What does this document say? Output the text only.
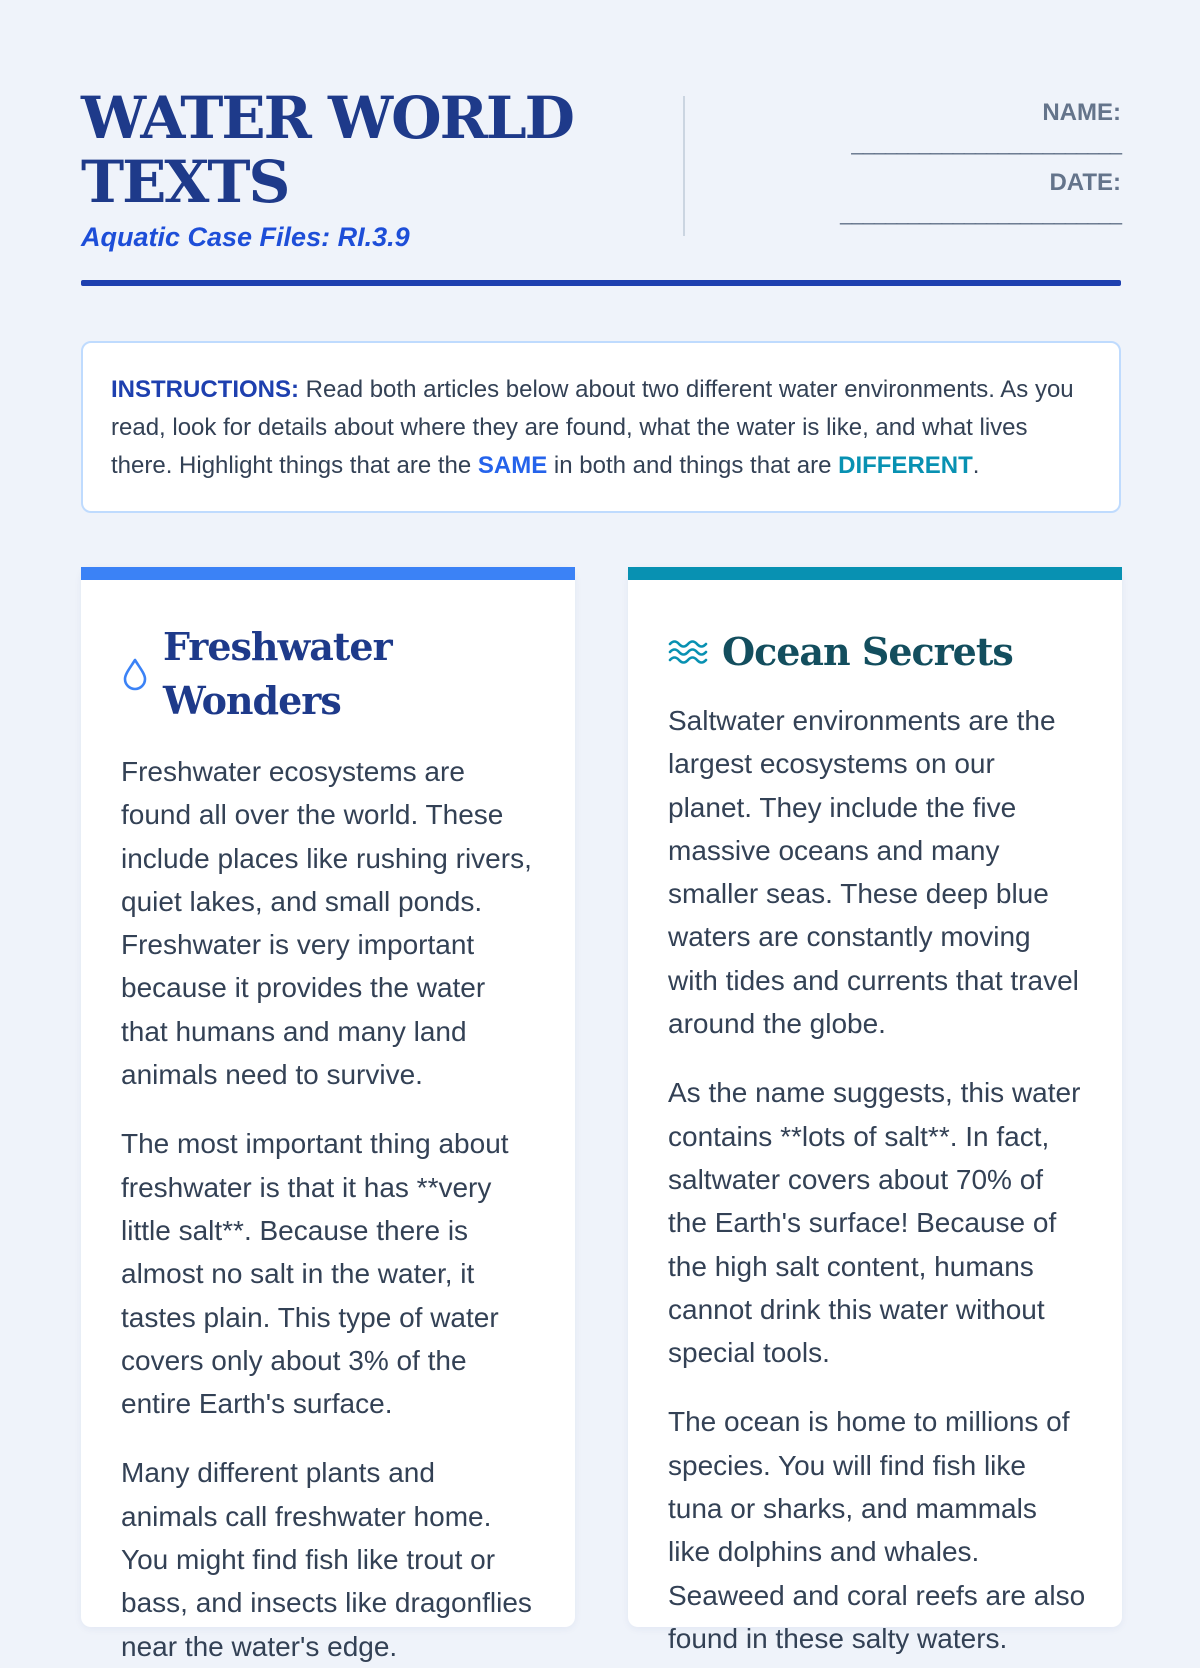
WATER WORLD TEXTS
Aquatic Case Files: RI.3.9
NAME:
________________________
DATE:
_________________________
INSTRUCTIONS: Read both articles below about two different water environments. As you read, look for details about where they are found, what the water is like, and what lives there. Highlight things that are the SAME in both and things that are DIFFERENT.
Freshwater Wonders

Freshwater ecosystems are found all over the world. These include places like rushing rivers, quiet lakes, and small ponds. Freshwater is very important because it provides the water that humans and many land animals need to survive.

The most important thing about freshwater is that it has **very little salt**. Because there is almost no salt in the water, it tastes plain. This type of water covers only about 3% of the entire Earth's surface.

Many different plants and animals call freshwater home. You might find fish like trout or bass, and insects like dragonflies near the water's edge.

Ocean Secrets

Saltwater environments are the largest ecosystems on our planet. They include the five massive oceans and many smaller seas. These deep blue waters are constantly moving with tides and currents that travel around the globe.

As the name suggests, this water contains **lots of salt**. In fact, saltwater covers about 70% of the Earth's surface! Because of the high salt content, humans cannot drink this water without special tools.

The ocean is home to millions of species. You will find fish like tuna or sharks, and mammals like dolphins and whales. Seaweed and coral reefs are also found in these salty waters.
